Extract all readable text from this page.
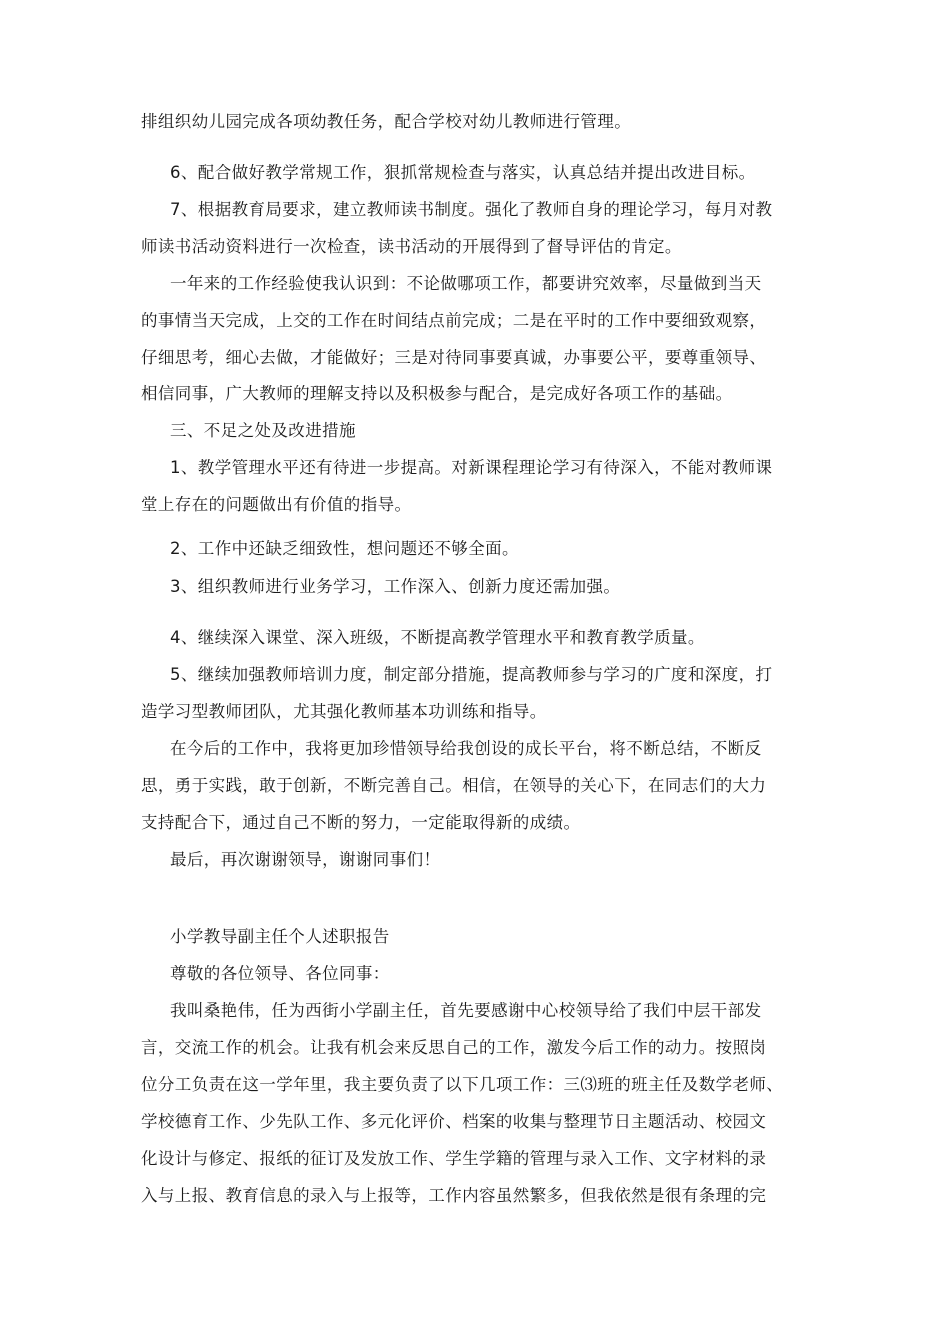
排组织幼儿园完成各项幼教任务，配合学校对幼儿教师进行管理。
6、配合做好教学常规工作，狠抓常规检查与落实，认真总结并提出改进目标。
7、根据教育局要求，建立教师读书制度。强化了教师自身的理论学习，每月对教
师读书活动资料进行一次检查，读书活动的开展得到了督导评估的肯定。
一年来的工作经验使我认识到：不论做哪项工作，都要讲究效率，尽量做到当天
的事情当天完成，上交的工作在时间结点前完成；二是在平时的工作中要细致观察，
仔细思考，细心去做，才能做好；三是对待同事要真诚，办事要公平，要尊重领导、
相信同事，广大教师的理解支持以及积极参与配合，是完成好各项工作的基础。
三、不足之处及改进措施
1、教学管理水平还有待进一步提高。对新课程理论学习有待深入，不能对教师课
堂上存在的问题做出有价值的指导。
2、工作中还缺乏细致性，想问题还不够全面。
3、组织教师进行业务学习，工作深入、创新力度还需加强。
4、继续深入课堂、深入班级，不断提高教学管理水平和教育教学质量。
5、继续加强教师培训力度，制定部分措施，提高教师参与学习的广度和深度，打
造学习型教师团队，尤其强化教师基本功训练和指导。
在今后的工作中，我将更加珍惜领导给我创设的成长平台，将不断总结，不断反
思，勇于实践，敢于创新，不断完善自己。相信，在领导的关心下，在同志们的大力
支持配合下，通过自己不断的努力，一定能取得新的成绩。
最后，再次谢谢领导，谢谢同事们！
小学教导副主任个人述职报告
尊敬的各位领导、各位同事：
我叫桑艳伟，任为西街小学副主任，首先要感谢中心校领导给了我们中层干部发
言，交流工作的机会。让我有机会来反思自己的工作，激发今后工作的动力。按照岗
位分工负责在这一学年里，我主要负责了以下几项工作：三⑶班的班主任及数学老师、
学校德育工作、少先队工作、多元化评价、档案的收集与整理节日主题活动、校园文
化设计与修定、报纸的征订及发放工作、学生学籍的管理与录入工作、文字材料的录
入与上报、教育信息的录入与上报等，工作内容虽然繁多，但我依然是很有条理的完
